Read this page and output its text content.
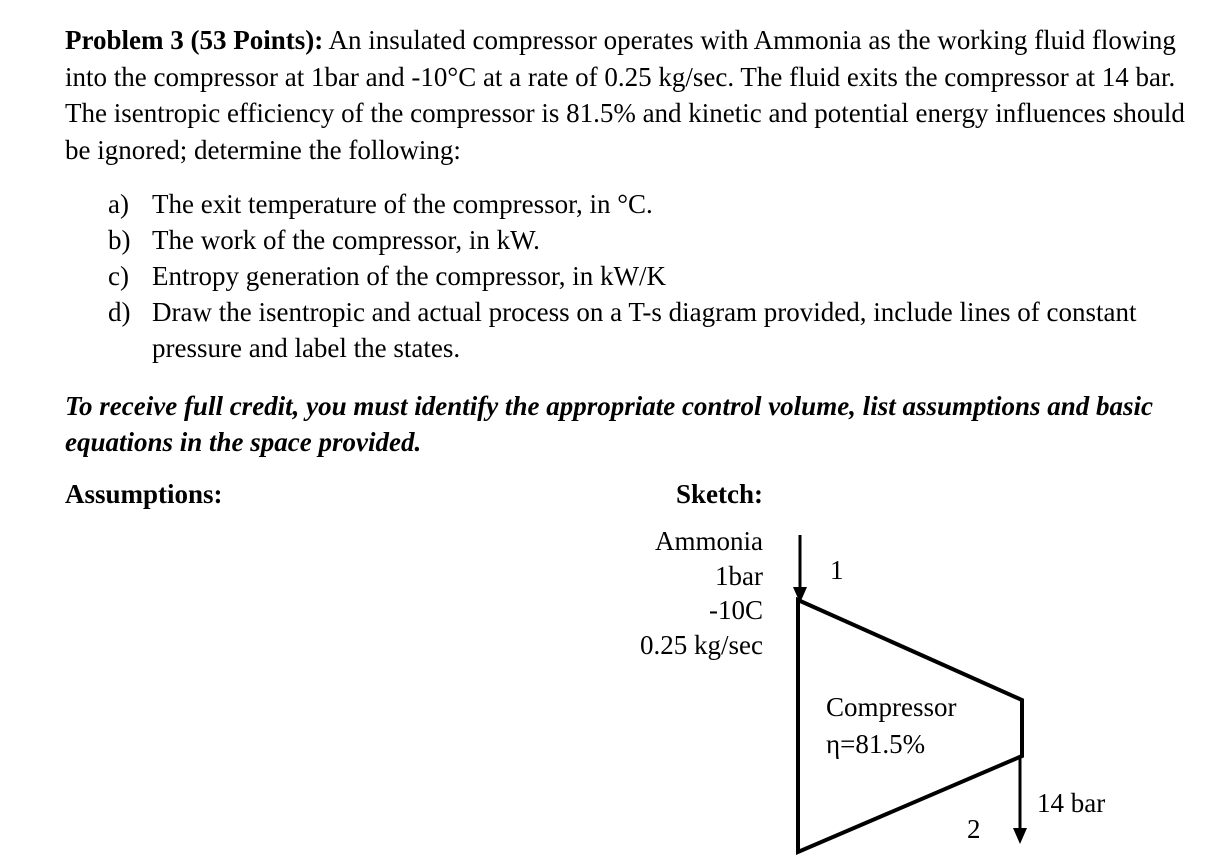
Problem 3 (53 Points): An insulated compressor operates with Ammonia as the working fluid flowing into the compressor at 1bar and -10°C at a rate of 0.25 kg/sec. The fluid exits the compressor at 14 bar. The isentropic efficiency of the compressor is 81.5% and kinetic and potential energy influences should be ignored; determine the following:
a) The exit temperature of the compressor, in °C.
b) The work of the compressor, in kW.
c) Entropy generation of the compressor, in kW/K
d) Draw the isentropic and actual process on a T-s diagram provided, include lines of constant pressure and label the states.
To receive full credit, you must identify the appropriate control volume, list assumptions and basic equations in the space provided.
Assumptions:	Sketch:
Ammonia
1bar
-10C
0.25 kg/sec
1
Compressor
η=81.5%
14 bar
2
